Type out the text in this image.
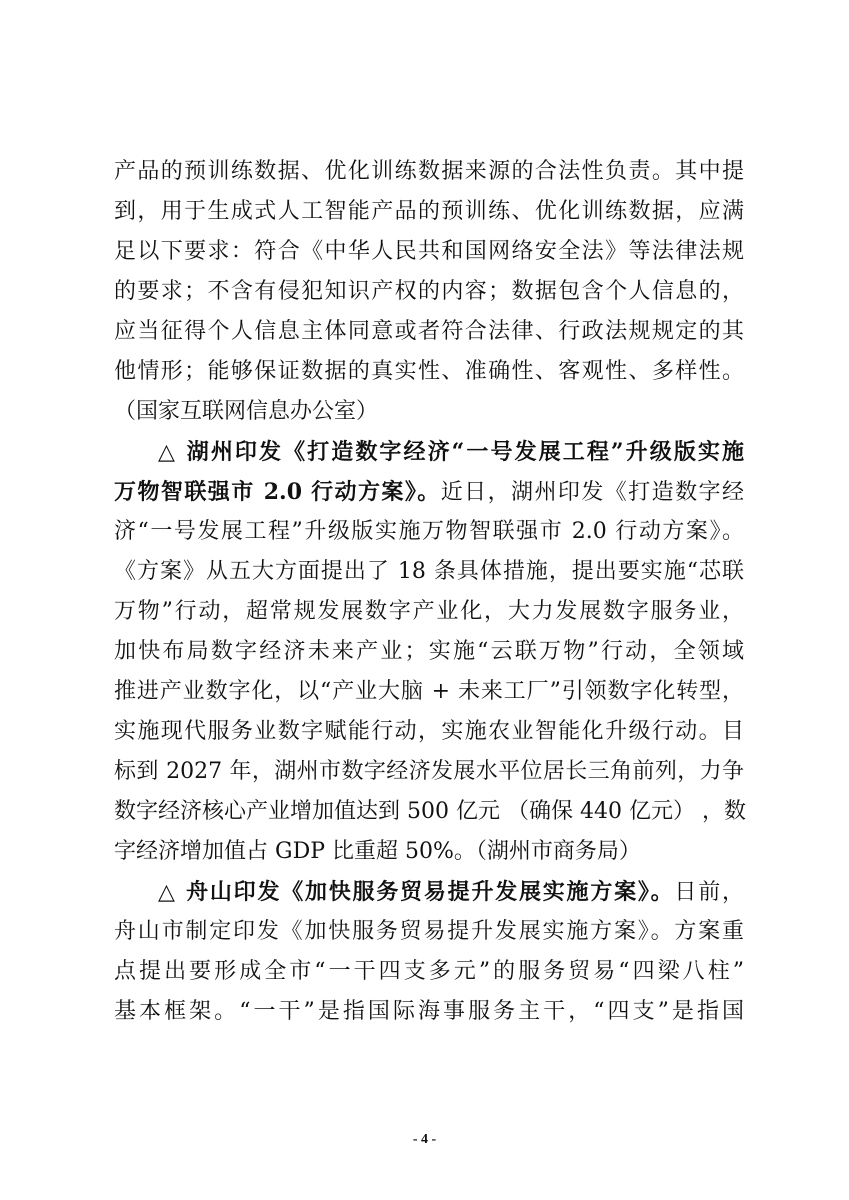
产品的预训练数据、优化训练数据来源的合法性负责。其中提
到，用于生成式人工智能产品的预训练、优化训练数据，应满
足以下要求：符合《中华人民共和国网络安全法》等法律法规
的要求；不含有侵犯知识产权的内容；数据包含个人信息的，
应当征得个人信息主体同意或者符合法律、行政法规规定的其
他情形；能够保证数据的真实性、准确性、客观性、多样性。
（国家互联网信息办公室）
△ 湖州印发《打造数字经济“一号发展工程”升级版实施
万物智联强市 2.0 行动方案》。近日，湖州印发《打造数字经
济“一号发展工程”升级版实施万物智联强市 2.0 行动方案》。
《方案》从五大方面提出了 18 条具体措施，提出要实施“芯联
万物”行动，超常规发展数字产业化，大力发展数字服务业，
加快布局数字经济未来产业；实施“云联万物”行动，全领域
推进产业数字化，以“产业大脑 + 未来工厂”引领数字化转型，
实施现代服务业数字赋能行动，实施农业智能化升级行动。目
标到 2027 年，湖州市数字经济发展水平位居长三角前列，力争
数字经济核心产业增加值达到 500 亿元 （确保 440 亿元） ，数
字经济增加值占 GDP 比重超 50%。（湖州市商务局）
△ 舟山印发《加快服务贸易提升发展实施方案》。日前，
舟山市制定印发《加快服务贸易提升发展实施方案》。方案重
点提出要形成全市“一干四支多元”的服务贸易“四梁八柱”
基本框架。“一干”是指国际海事服务主干，“四支”是指国
- 4 -
